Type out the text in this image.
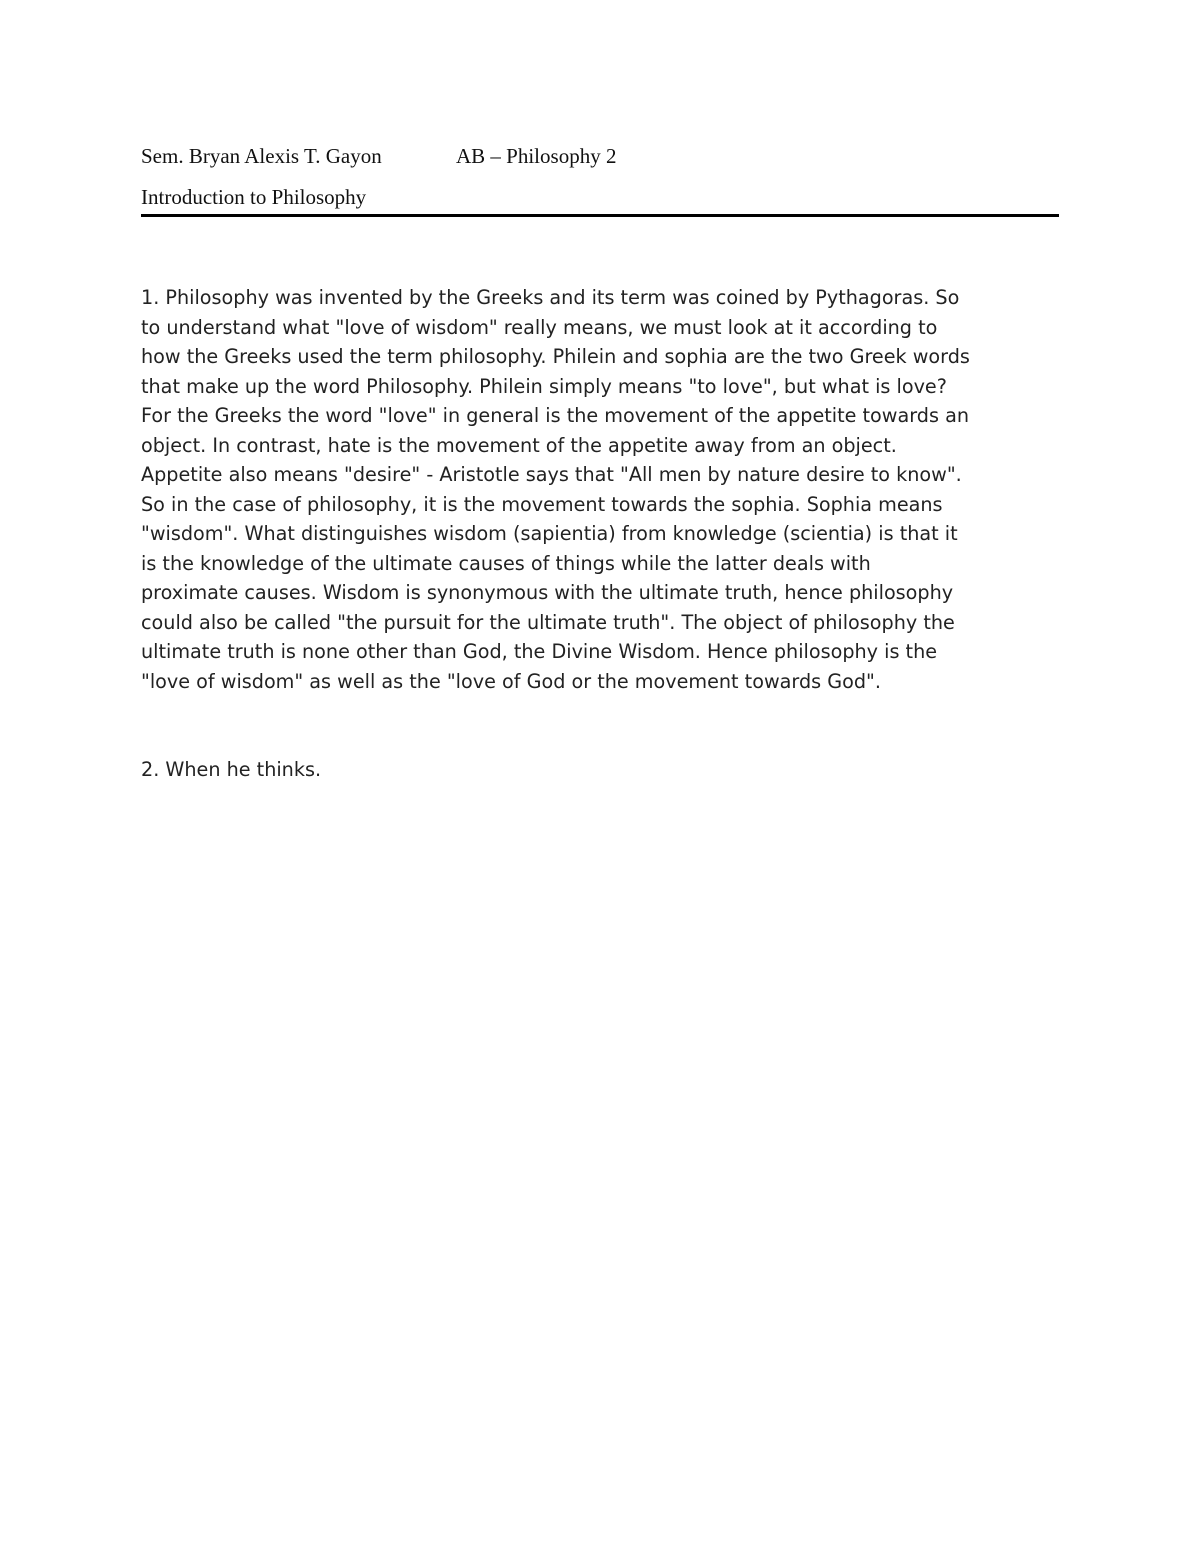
Sem. Bryan Alexis T. Gayon	AB – Philosophy 2
Introduction to Philosophy

1. Philosophy was invented by the Greeks and its term was coined by Pythagoras. So
to understand what "love of wisdom" really means, we must look at it according to
how the Greeks used the term philosophy. Philein and sophia are the two Greek words
that make up the word Philosophy. Philein simply means "to love", but what is love?
For the Greeks the word "love" in general is the movement of the appetite towards an
object. In contrast, hate is the movement of the appetite away from an object.
Appetite also means "desire" - Aristotle says that "All men by nature desire to know".
So in the case of philosophy, it is the movement towards the sophia. Sophia means
"wisdom". What distinguishes wisdom (sapientia) from knowledge (scientia) is that it
is the knowledge of the ultimate causes of things while the latter deals with
proximate causes. Wisdom is synonymous with the ultimate truth, hence philosophy
could also be called "the pursuit for the ultimate truth". The object of philosophy the
ultimate truth is none other than God, the Divine Wisdom. Hence philosophy is the
"love of wisdom" as well as the "love of God or the movement towards God".

2. When he thinks.
